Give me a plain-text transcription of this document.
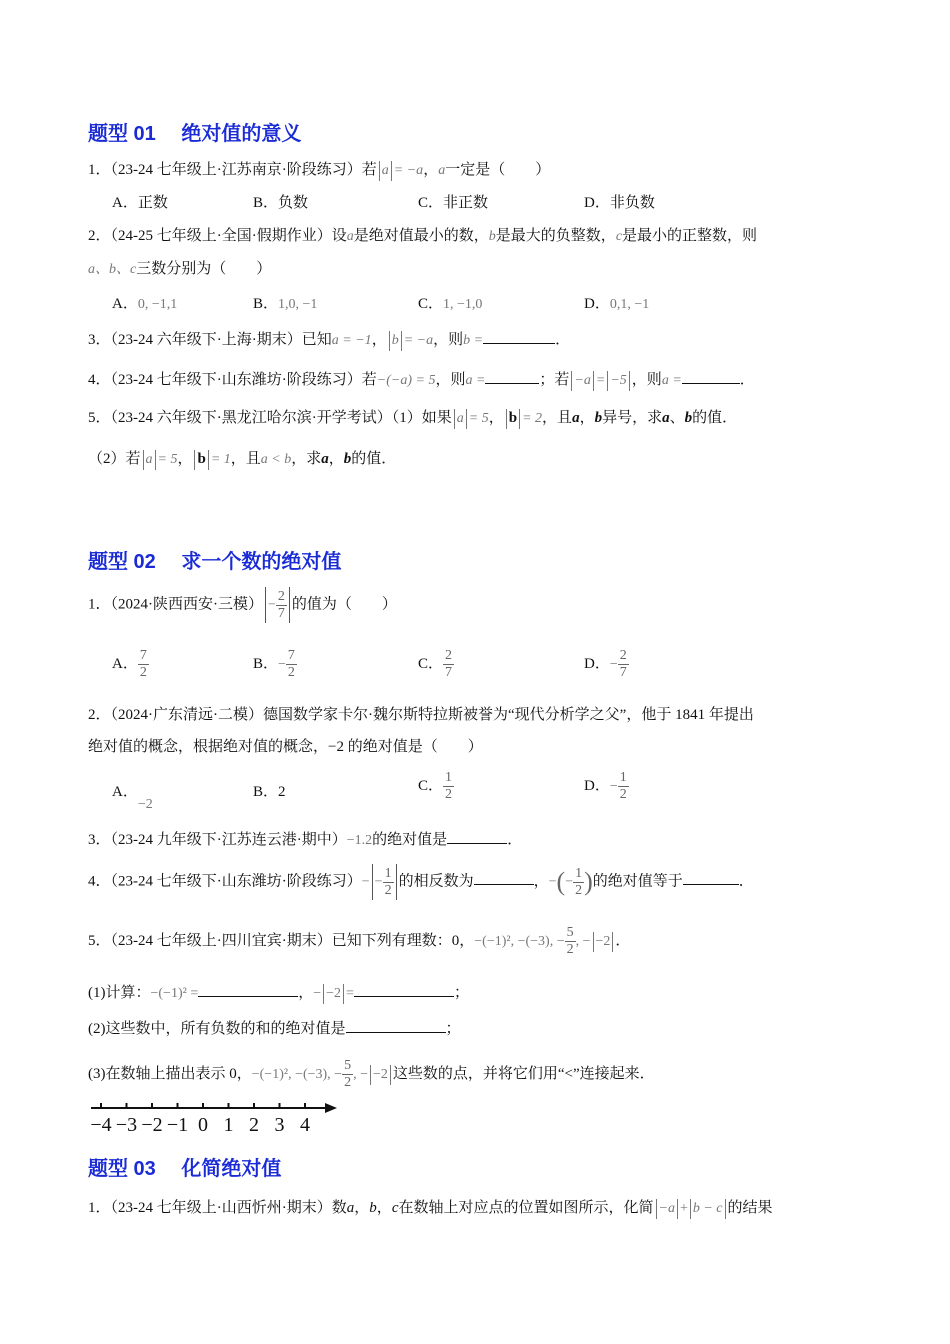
题型 01　 绝对值的意义
1．（23-24 七年级上·江苏南京·阶段练习）若 a = −a，a一定是（　　）
A．正数	B．负数	C．非正数	D．非负数
2．（24-25 七年级上·全国·假期作业）设a是绝对值最小的数，b是最大的负整数，c是最小的正整数，则
a、b、c三数分别为（　　）
A．0, −1,1	B．1,0, −1	C．1, −1,0	D．0,1, −1
3．（23-24 六年级下·上海·期末）已知a = −1， b = −a，则b =	．
4．（23-24 七年级下·山东潍坊·阶段练习）若−(−a) = 5，则a =	；若 −a = −5 ，则a =	．
5．（23-24 六年级下·黑龙江哈尔滨·开学考试）（1）如果 a = 5， b = 2，且a，b异号，求a、b的值．
（2）若 a = 5， b = 1，且a < b，求a，b的值．
题型 02　 求一个数的绝对值
1．（2024·陕西西安·三模） − $\frac{2}{7}$ 的值为（　　）
A． $\frac{7}{2}$	B．− $\frac{7}{2}$	C． $\frac{2}{7}$	D．− $\frac{2}{7}$
2．（2024·广东清远·二模）德国数学家卡尔·魏尔斯特拉斯被誉为“现代分析学之父”，他于 1841 年提出
绝对值的概念，根据绝对值的概念，−2 的绝对值是（　　）
A．−2
B．2	C． $\frac{1}{2}$	D．− $\frac{1}{2}$
3．（23-24 九年级下·江苏连云港·期中）−1.2的绝对值是	．
4．（23-24 七年级下·山东潍坊·阶段练习）− − $\frac{1}{2}$ 的相反数为	，−(− $\frac{1}{2}$ )的绝对值等于	．
5．（23-24 七年级上·四川宜宾·期末）已知下列有理数：0，−(−1)², −(−3), − $\frac{5}{2}$ , − −2 ．
(1)计算：−(−1)² =	，− −2 =	；
(2)这些数中，所有负数的和的绝对值是	；
(3)在数轴上描出表示 0，−(−1)², −(−3), − $\frac{5}{2}$ , − −2 这些数的点，并将它们用“<”连接起来．
−4 −3 −2 −1 0 1 2 3 4
题型 03　 化简绝对值
1．（23-24 七年级上·山西忻州·期末）数a，b，c在数轴上对应点的位置如图所示，化简 −a + b − c 的结果
